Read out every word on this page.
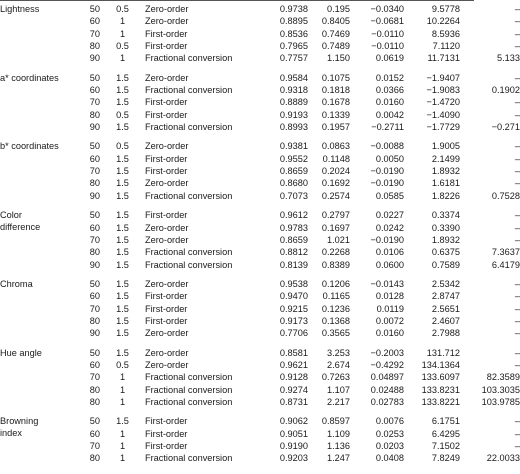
Lightness	50	0.5	Zero-order	0.9738	0.195	−0.0340	9.5778	–
	60	1	Zero-order	0.8895	0.8405	−0.0681	10.2264	–
	70	1	First-order	0.8536	0.7469	−0.0110	8.5936	–
	80	0.5	First-order	0.7965	0.7489	−0.0110	7.1120	–
	90	1	Fractional conversion	0.7757	1.150	0.0619	11.7131	5.133

a* coordinates	50	1.5	Zero-order	0.9584	0.1075	0.0152	−1.9407	–
	60	1.5	Fractional conversion	0.9318	0.1818	0.0366	−1.9083	0.1902
	70	1.5	First-order	0.8889	0.1678	0.0160	−1.4720	–
	80	0.5	First-order	0.9193	0.1339	0.0042	−1.4090	–
	90	1.5	Fractional conversion	0.8993	0.1957	−0.2711	−1.7729	−0.271

b* coordinates	50	0.5	Zero-order	0.9381	0.0863	−0.0088	1.9005	–
	60	1.5	First-order	0.9552	0.1148	0.0050	2.1499	–
	70	1.5	First-order	0.8659	0.2024	−0.0190	1.8932	–
	80	1.5	Zero-order	0.8680	0.1692	−0.0190	1.6181	–
	90	1.5	Fractional conversion	0.7073	0.2574	0.0585	1.8226	0.7528

Color
difference	50	1.5	First-order	0.9612	0.2797	0.0227	0.3374	–
	60	1.5	Zero-order	0.9783	0.1697	0.0242	0.3390	–
	70	1.5	Zero-order	0.8659	1.021	−0.0190	1.8932	–
	80	1.5	Fractional conversion	0.8812	0.2268	0.0106	0.6375	7.3637
	90	1.5	Fractional conversion	0.8139	0.8389	0.0600	0.7589	6.4179

Chroma	50	1.5	Zero-order	0.9538	0.1206	−0.0143	2.5342	–
	60	1.5	First-order	0.9470	0.1165	0.0128	2.8747	–
	70	1.5	First-order	0.9215	0.1236	0.0119	2.5651	–
	80	1.5	First-order	0.9173	0.1368	0.0072	2.4607	–
	90	1.5	Zero-order	0.7706	0.3565	0.0160	2.7988	–

Hue angle	50	1.5	Zero-order	0.8581	3.253	−0.2003	131.712	–
	60	0.5	Zero-order	0.9621	2.674	−0.4292	134.1364	–
	70	1	Fractional conversion	0.9128	0.7263	0.04897	133.6097	82.3589
	80	1	Fractional conversion	0.9274	1.107	0.02488	133.8231	103.3035
	80	1	Fractional conversion	0.8731	2.217	0.02783	133.8221	103.9785

Browning
index	50	1.5	First-order	0.9062	0.8597	0.0076	6.1751	–
	60	1	First-order	0.9051	1.109	0.0253	6.4295	–
	70	1	First-order	0.9190	1.136	0.0203	7.1502	–
	80	1	Fractional conversion	0.9203	1.247	0.0408	7.8249	22.0033
